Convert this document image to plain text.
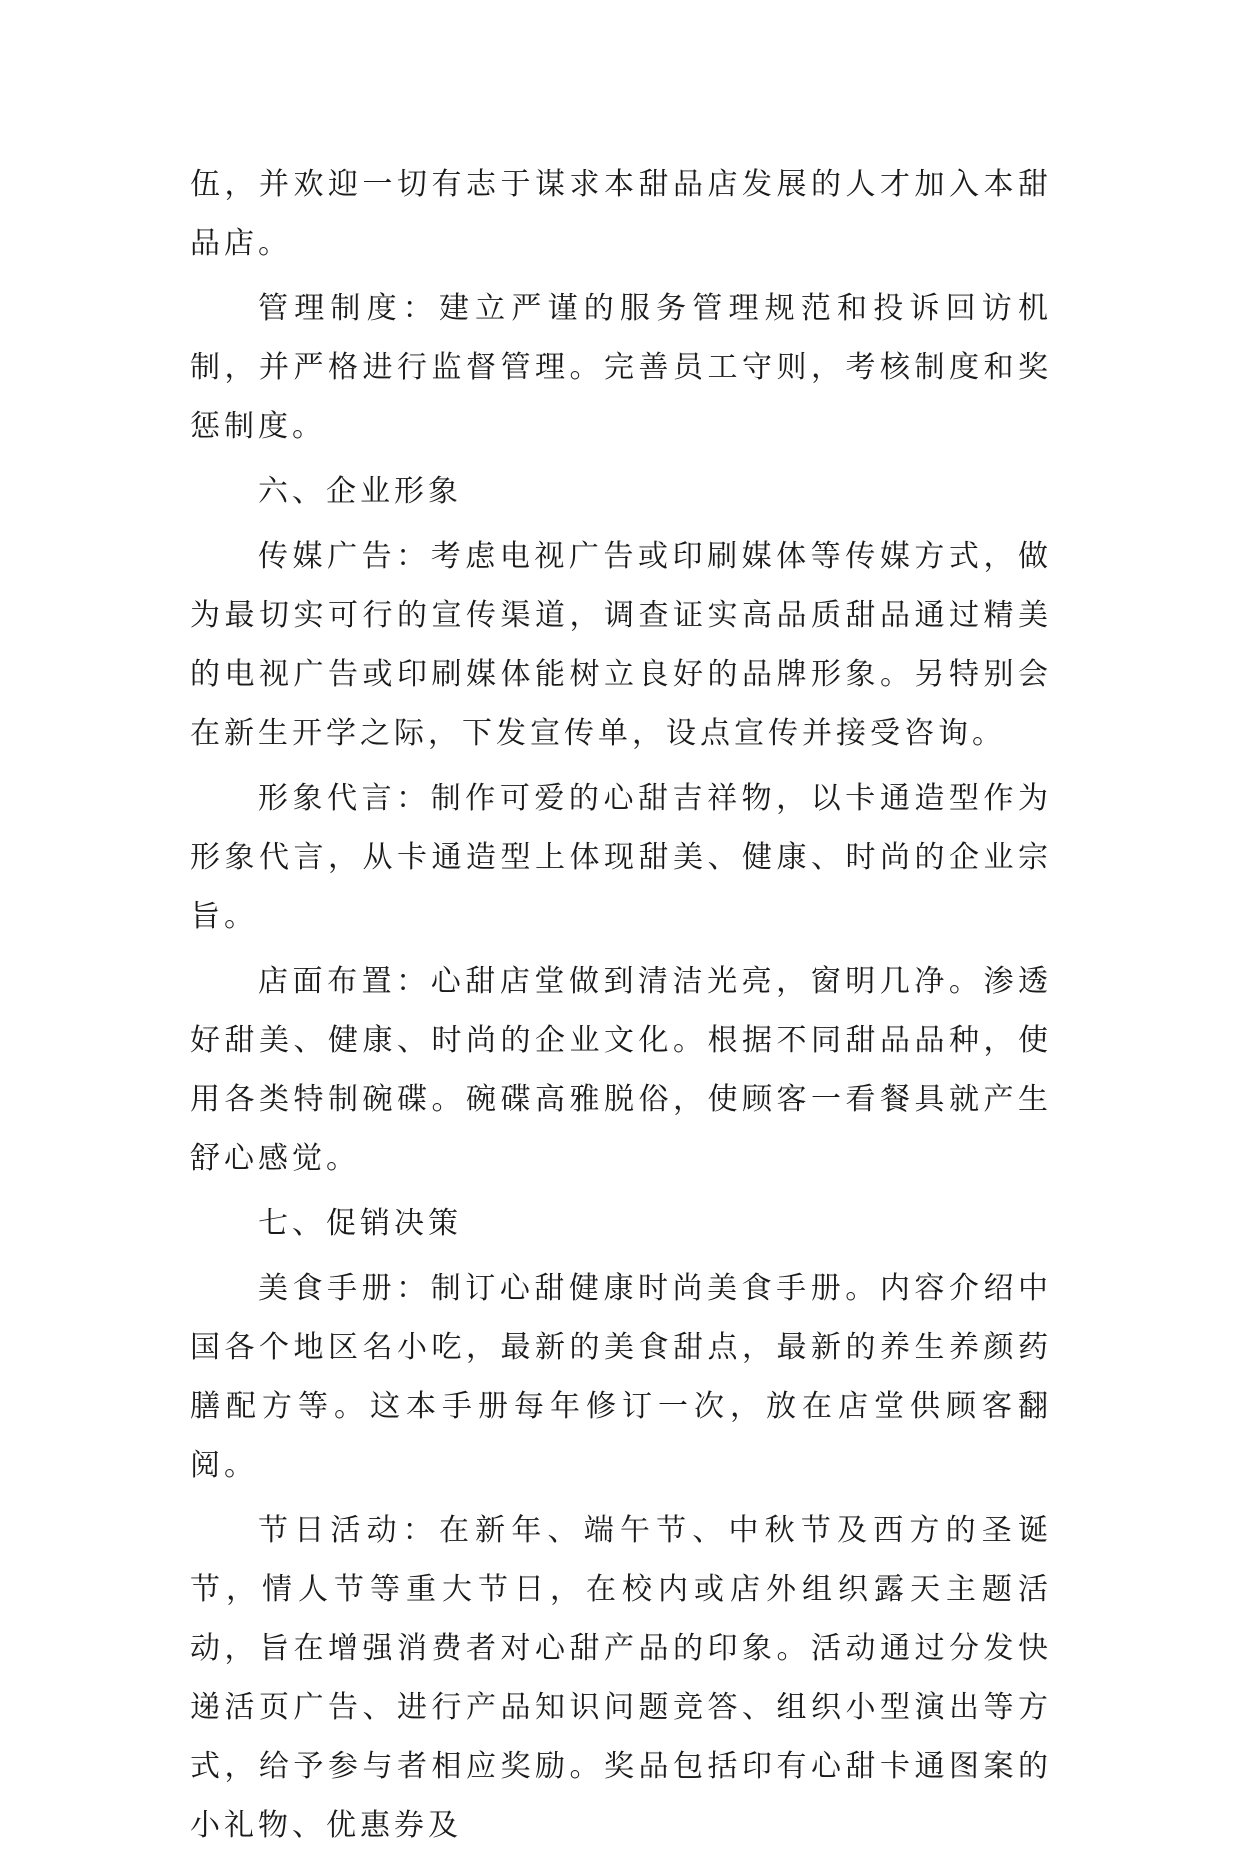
伍，并欢迎一切有志于谋求本甜品店发展的人才加入本甜品店。

管理制度：建立严谨的服务管理规范和投诉回访机制，并严格进行监督管理。完善员工守则，考核制度和奖惩制度。

六、企业形象

传媒广告：考虑电视广告或印刷媒体等传媒方式，做为最切实可行的宣传渠道，调查证实高品质甜品通过精美的电视广告或印刷媒体能树立良好的品牌形象。另特别会在新生开学之际，下发宣传单，设点宣传并接受咨询。

形象代言：制作可爱的心甜吉祥物，以卡通造型作为形象代言，从卡通造型上体现甜美、健康、时尚的企业宗旨。

店面布置：心甜店堂做到清洁光亮，窗明几净。渗透好甜美、健康、时尚的企业文化。根据不同甜品品种，使用各类特制碗碟。碗碟高雅脱俗，使顾客一看餐具就产生舒心感觉。

七、促销决策

美食手册：制订心甜健康时尚美食手册。内容介绍中国各个地区名小吃，最新的美食甜点，最新的养生养颜药膳配方等。这本手册每年修订一次，放在店堂供顾客翻阅。

节日活动：在新年、端午节、中秋节及西方的圣诞节，情人节等重大节日，在校内或店外组织露天主题活动，旨在增强消费者对心甜产品的印象。活动通过分发快递活页广告、进行产品知识问题竞答、组织小型演出等方式，给予参与者相应奖励。奖品包括印有心甜卡通图案的小礼物、优惠券及
